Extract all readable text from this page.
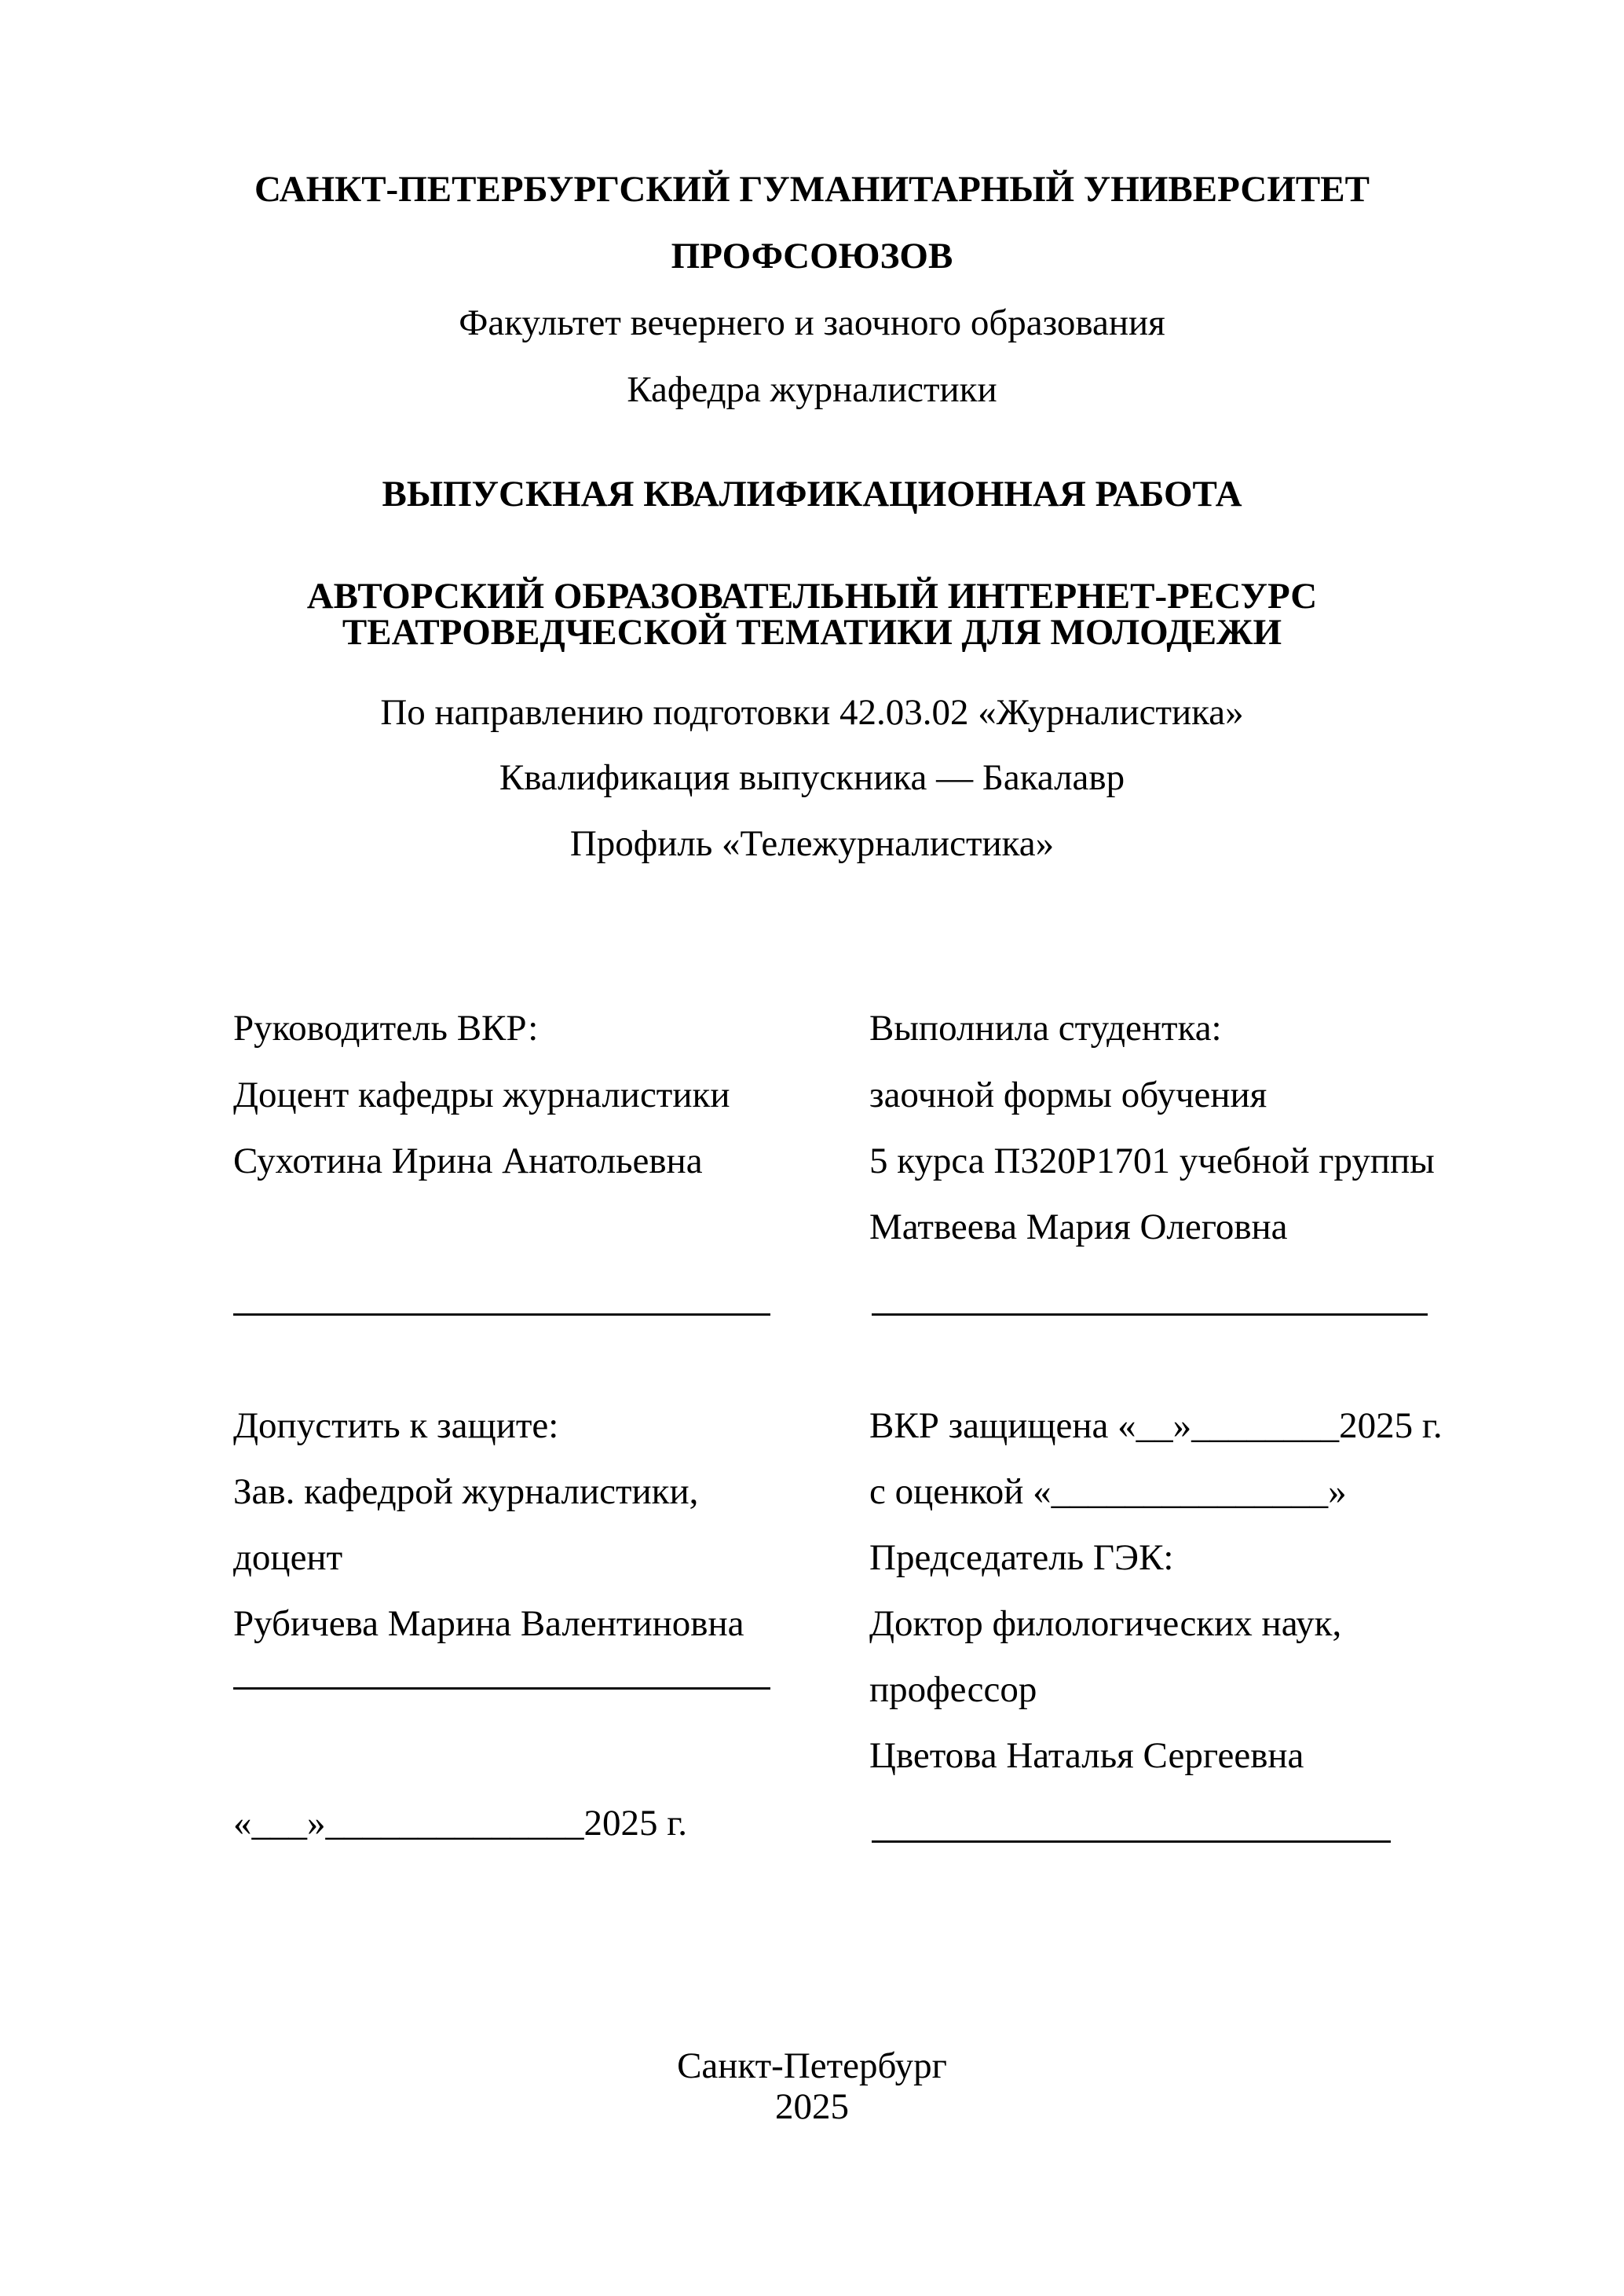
САНКТ-ПЕТЕРБУРГСКИЙ ГУМАНИТАРНЫЙ УНИВЕРСИТЕТ
ПРОФСОЮЗОВ
Факультет вечернего и заочного образования
Кафедра журналистики
ВЫПУСКНАЯ КВАЛИФИКАЦИОННАЯ РАБОТА
АВТОРСКИЙ ОБРАЗОВАТЕЛЬНЫЙ ИНТЕРНЕТ-РЕСУРС
ТЕАТРОВЕДЧЕСКОЙ ТЕМАТИКИ ДЛЯ МОЛОДЕЖИ
По направлению подготовки 42.03.02 «Журналистика»
Квалификация выпускника — Бакалавр
Профиль «Тележурналистика»
Руководитель ВКР:
Доцент кафедры журналистики
Сухотина Ирина Анатольевна
Выполнила студентка:
заочной формы обучения
5 курса П320Р1701 учебной группы
Матвеева Мария Олеговна
Допустить к защите:
Зав. кафедрой журналистики,
доцент
Рубичева Марина Валентиновна
«___»______________2025 г.
ВКР защищена «__»________2025 г.
с оценкой «_______________»
Председатель ГЭК:
Доктор филологических наук,
профессор
Цветова Наталья Сергеевна
Санкт-Петербург
2025
